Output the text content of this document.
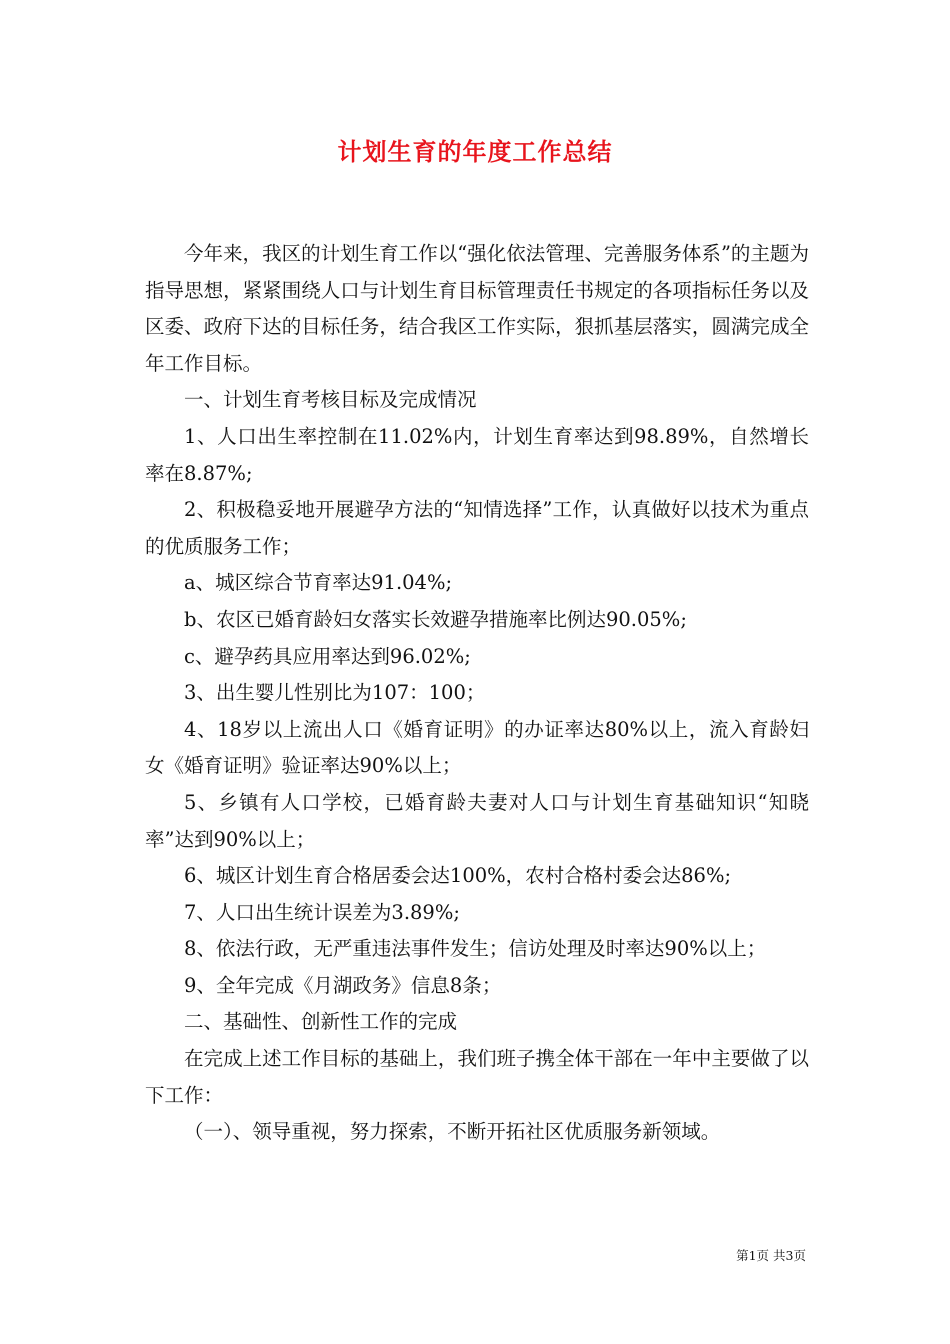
计划生育的年度工作总结

今年来，我区的计划生育工作以“强化依法管理、完善服务体系”的主题为指导思想，紧紧围绕人口与计划生育目标管理责任书规定的各项指标任务以及区委、政府下达的目标任务，结合我区工作实际，狠抓基层落实，圆满完成全年工作目标。

一、计划生育考核目标及完成情况

1、人口出生率控制在11.02%内，计划生育率达到98.89%，自然增长率在8.87%;

2、积极稳妥地开展避孕方法的“知情选择”工作，认真做好以技术为重点的优质服务工作；

a、城区综合节育率达91.04%;

b、农区已婚育龄妇女落实长效避孕措施率比例达90.05%;

c、避孕药具应用率达到96.02%;

3、出生婴儿性别比为107：100；

4、18岁以上流出人口《婚育证明》的办证率达80%以上，流入育龄妇女《婚育证明》验证率达90%以上；

5、乡镇有人口学校，已婚育龄夫妻对人口与计划生育基础知识“知晓率”达到90%以上；

6、城区计划生育合格居委会达100%，农村合格村委会达86%;

7、人口出生统计误差为3.89%;

8、依法行政，无严重违法事件发生；信访处理及时率达90%以上；

9、全年完成《月湖政务》信息8条；

二、基础性、创新性工作的完成

在完成上述工作目标的基础上，我们班子携全体干部在一年中主要做了以下工作：

（一）、领导重视，努力探索，不断开拓社区优质服务新领域。

第1页 共3页
